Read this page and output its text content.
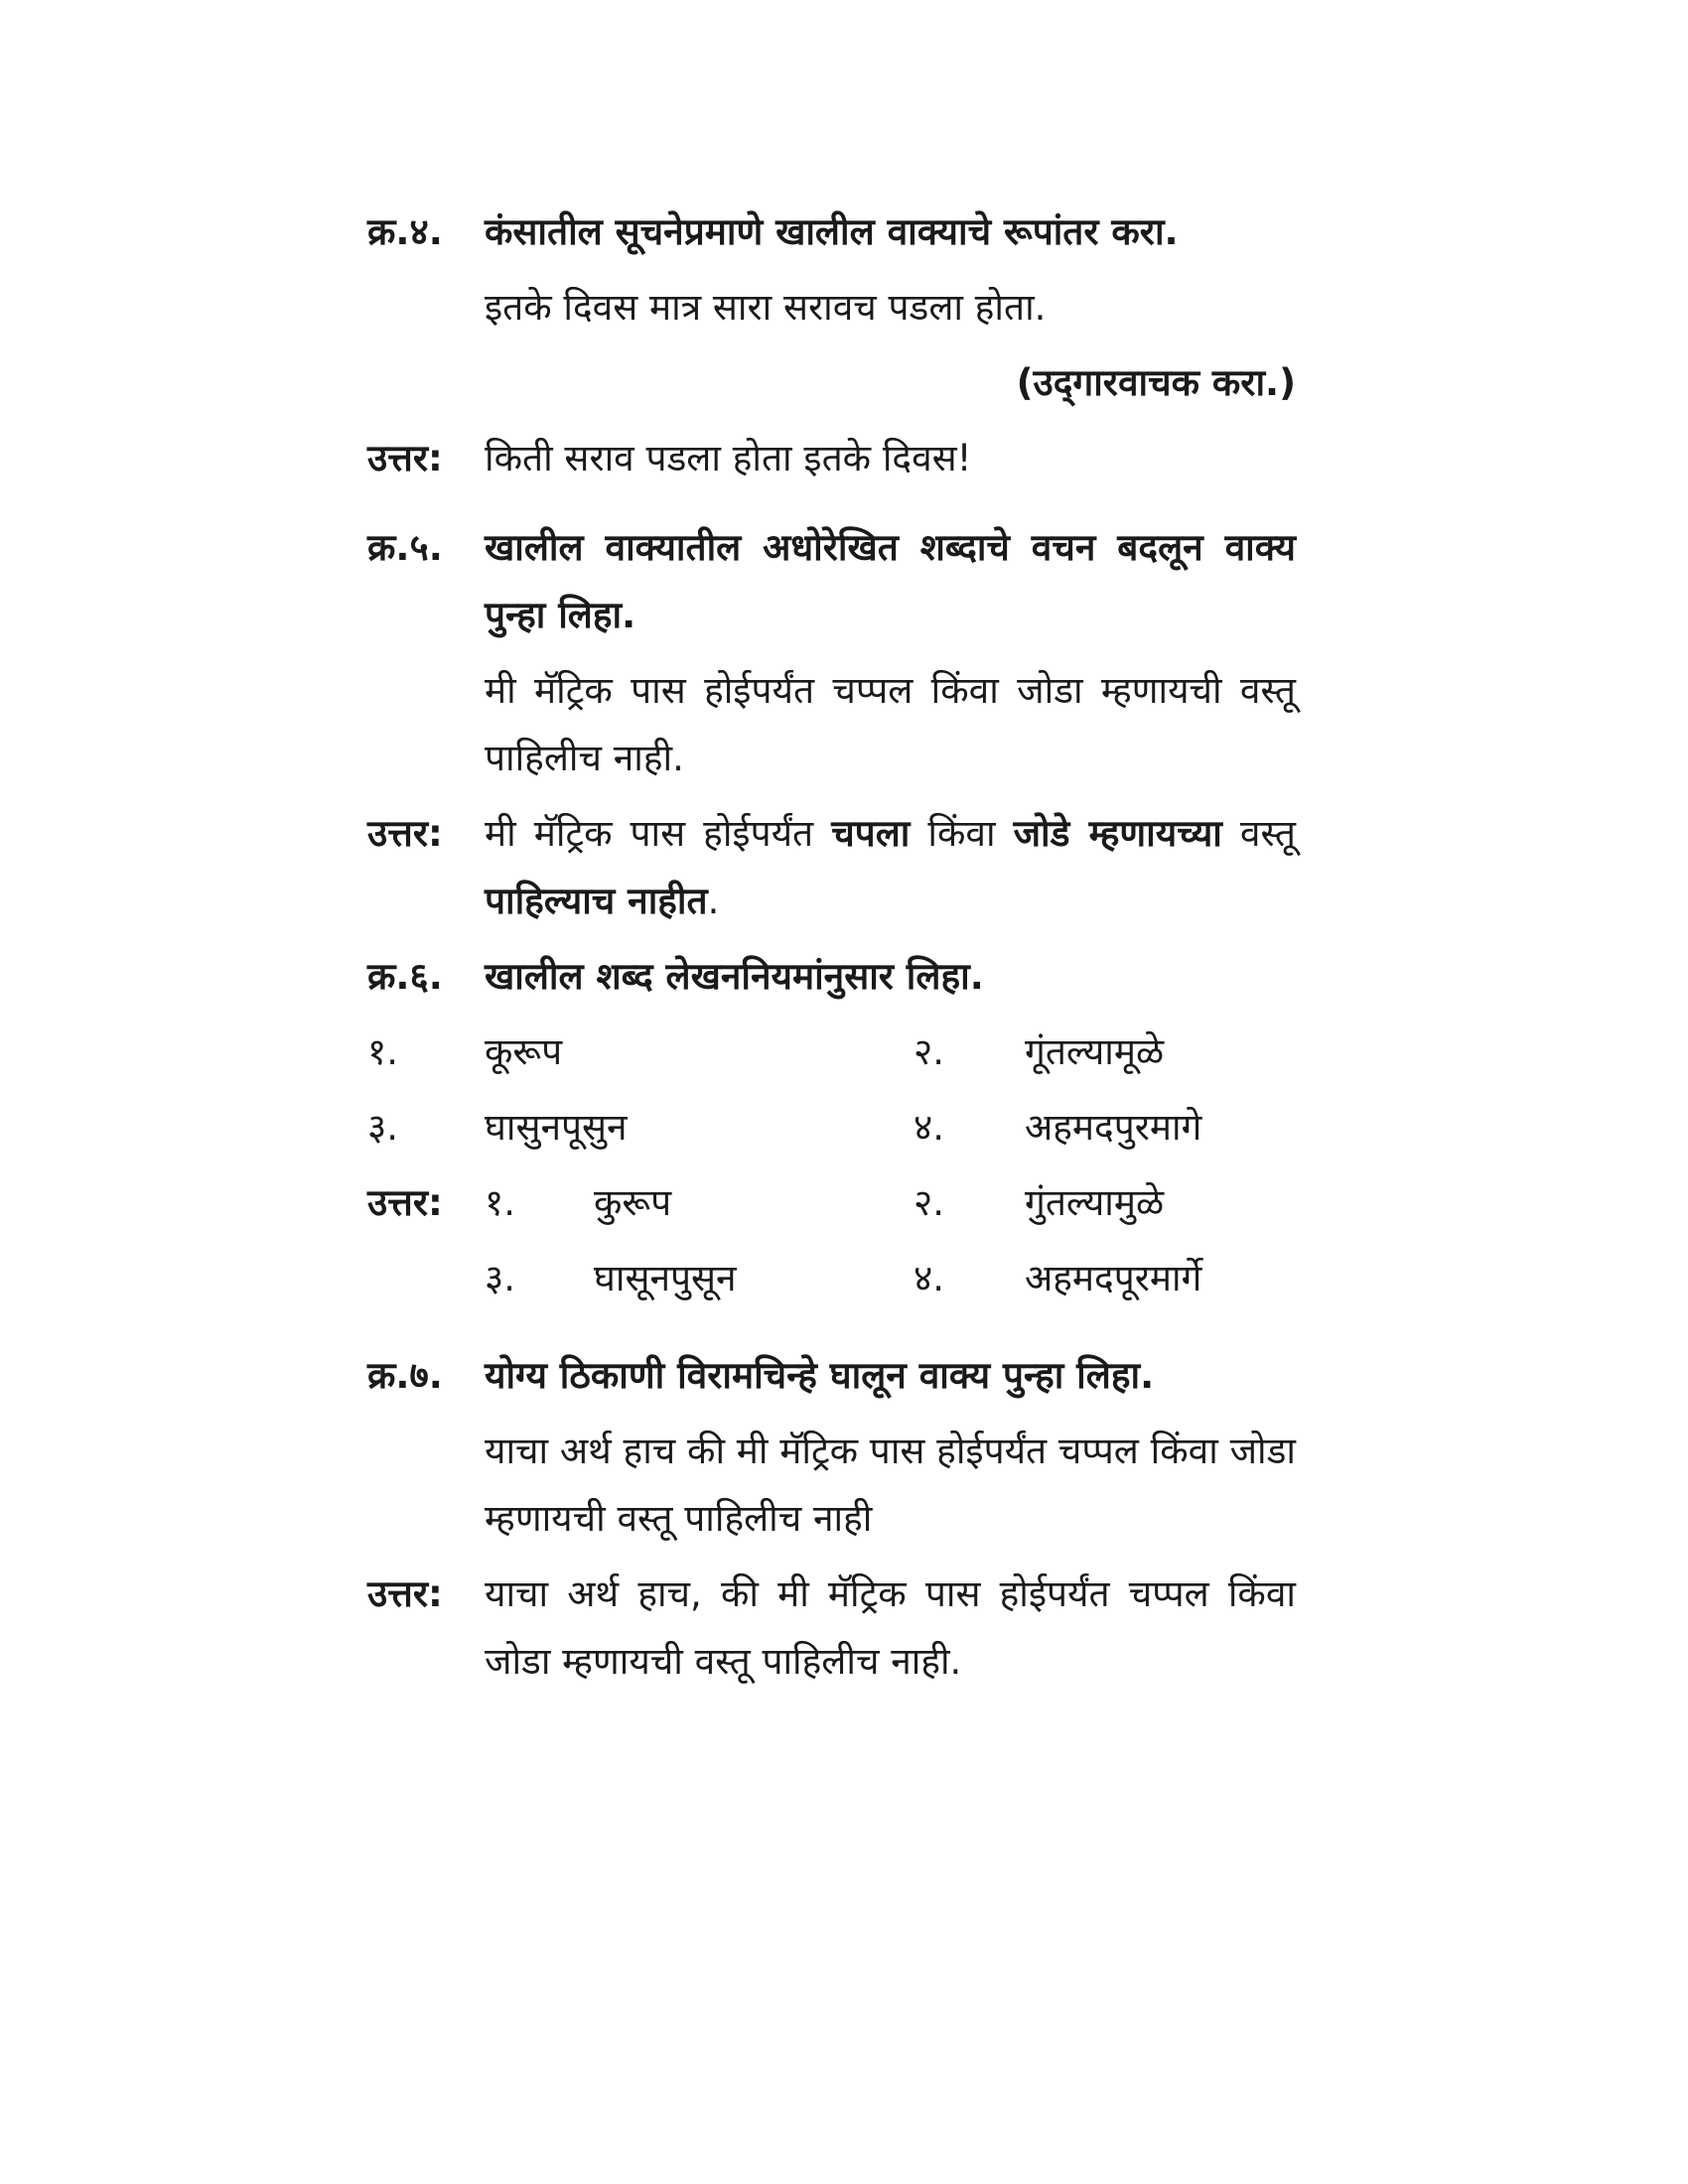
क्र.४.	कंसातील सूचनेप्रमाणे खालील वाक्याचे रूपांतर करा.
इतके दिवस मात्र सारा सरावच पडला होता.
(उद्‌गारवाचक करा.)
उत्तर:	किती सराव पडला होता इतके दिवस!
क्र.५.	खालील वाक्यातील अधोरेखित शब्दाचे वचन बदलून वाक्य पुन्हा लिहा.
मी मॅट्रिक पास होईपर्यंत चप्पल किंवा जोडा म्हणायची वस्तू पाहिलीच नाही.
उत्तर:	मी मॅट्रिक पास होईपर्यंत चपला किंवा जोडे म्हणायच्या वस्तू पाहिल्याच नाहीत.
क्र.६.	खालील शब्द लेखननियमांनुसार लिहा.
१.	कूरूप	२.	गूंतल्यामूळे
३.	घासुनपूसुन	४.	अहमदपुरमागे
उत्तर:	१.	कुरूप	२.	गुंतल्यामुळे
३.	घासूनपुसून	४.	अहमदपूरमार्गे
क्र.७.	योग्य ठिकाणी विरामचिन्हे घालून वाक्य पुन्हा लिहा.
याचा अर्थ हाच की मी मॅट्रिक पास होईपर्यंत चप्पल किंवा जोडा म्हणायची वस्तू पाहिलीच नाही
उत्तर:	याचा अर्थ हाच, की मी मॅट्रिक पास होईपर्यंत चप्पल किंवा जोडा म्हणायची वस्तू पाहिलीच नाही.
